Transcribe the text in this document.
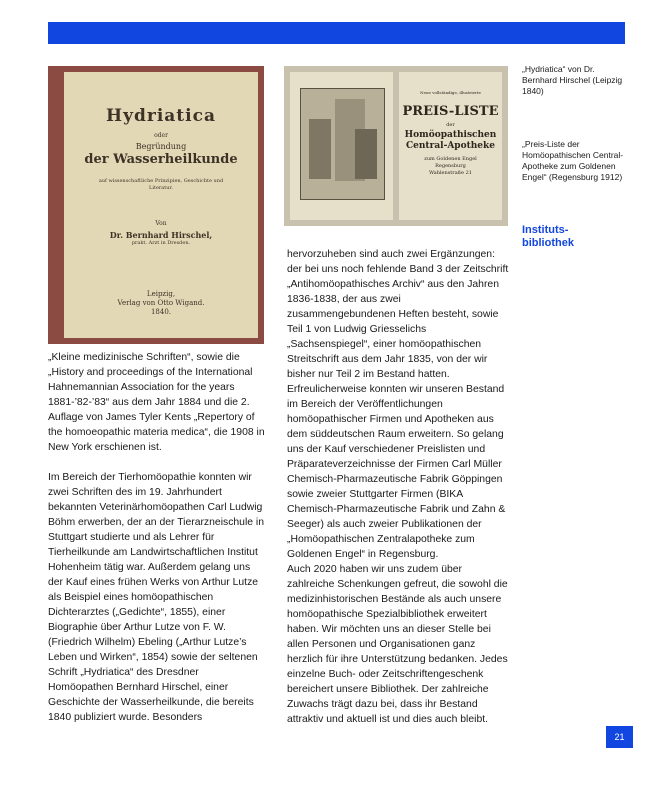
Hydriatica
oder
Begründung
der Wasserheilkunde
auf wissenschaftliche Prinzipien, Geschichte und Literatur.
Von
Dr. Bernhard Hirschel,
prakt. Arzt in Dresden.
Leipzig,
Verlag von Otto Wigand.
1840.
Neue vollständige, illustrierte
PREIS-LISTE
der
Homöopathischen
Central-Apotheke
zum Goldenen Engel
Regensburg
Wahlenstraße 21
„Hydriatica“ von Dr. Bernhard Hirschel (Leipzig 1840)
„Preis-Liste der Homöopathischen Central-Apotheke zum Goldenen Engel“ (Regensburg 1912)
Instituts-
bibliothek

„Kleine medizinische Schriften“, sowie die „History and proceedings of the International Hahnemannian Association for the years 1881-’82-’83“ aus dem Jahr 1884 und die 2. Auflage von James Tyler Kents „Repertory of the homoeopathic materia medica“, die 1908 in New York erschienen ist.

Im Bereich der Tierhomöopathie konnten wir zwei Schriften des im 19. Jahrhundert bekannten Veterinärhomöopathen Carl Ludwig Böhm erwerben, der an der Tierarzneischule in Stuttgart studierte und als Lehrer für Tierheilkunde am Landwirtschaftlichen Institut Hohenheim tätig war. Außerdem gelang uns der Kauf eines frühen Werks von Arthur Lutze als Beispiel eines homöopathischen Dichterarztes („Gedichte“, 1855), einer Biographie über Arthur Lutze von F. W. (Friedrich Wilhelm) Ebeling („Arthur Lutze’s Leben und Wirken“, 1854) sowie der seltenen Schrift „Hydriatica“ des Dresdner Homöopathen Bernhard Hirschel, einer Geschichte der Wasserheilkunde, die bereits 1840 publiziert wurde. Besonders

hervorzuheben sind auch zwei Ergänzungen: der bei uns noch fehlende Band 3 der Zeitschrift „Antihomöopathisches Archiv“ aus den Jahren 1836-1838, der aus zwei zusammengebundenen Heften besteht, sowie Teil 1 von Ludwig Griesselichs „Sachsenspiegel“, einer homöopathischen Streitschrift aus dem Jahr 1835, von der wir bisher nur Teil 2 im Bestand hatten. Erfreulicherweise konnten wir unseren Bestand im Bereich der Veröffentlichungen homöopathischer Firmen und Apotheken aus dem süddeutschen Raum erweitern. So gelang uns der Kauf verschiedener Preislisten und Präparateverzeichnisse der Firmen Carl Müller Chemisch-Pharmazeutische Fabrik Göppingen sowie zweier Stuttgarter Firmen (BIKA Chemisch-Pharmazeutische Fabrik und Zahn & Seeger) als auch zweier Publikationen der „Homöopathischen Zentralapotheke zum Goldenen Engel“ in Regensburg.

Auch 2020 haben wir uns zudem über zahlreiche Schenkungen gefreut, die sowohl die medizinhistorischen Bestände als auch unsere homöopathische Spezialbibliothek erweitert haben. Wir möchten uns an dieser Stelle bei allen Personen und Organisationen ganz herzlich für ihre Unterstützung bedanken. Jedes einzelne Buch- oder Zeitschriftengeschenk bereichert unsere Bibliothek. Der zahlreiche Zuwachs trägt dazu bei, dass ihr Bestand attraktiv und aktuell ist und dies auch bleibt.

21
